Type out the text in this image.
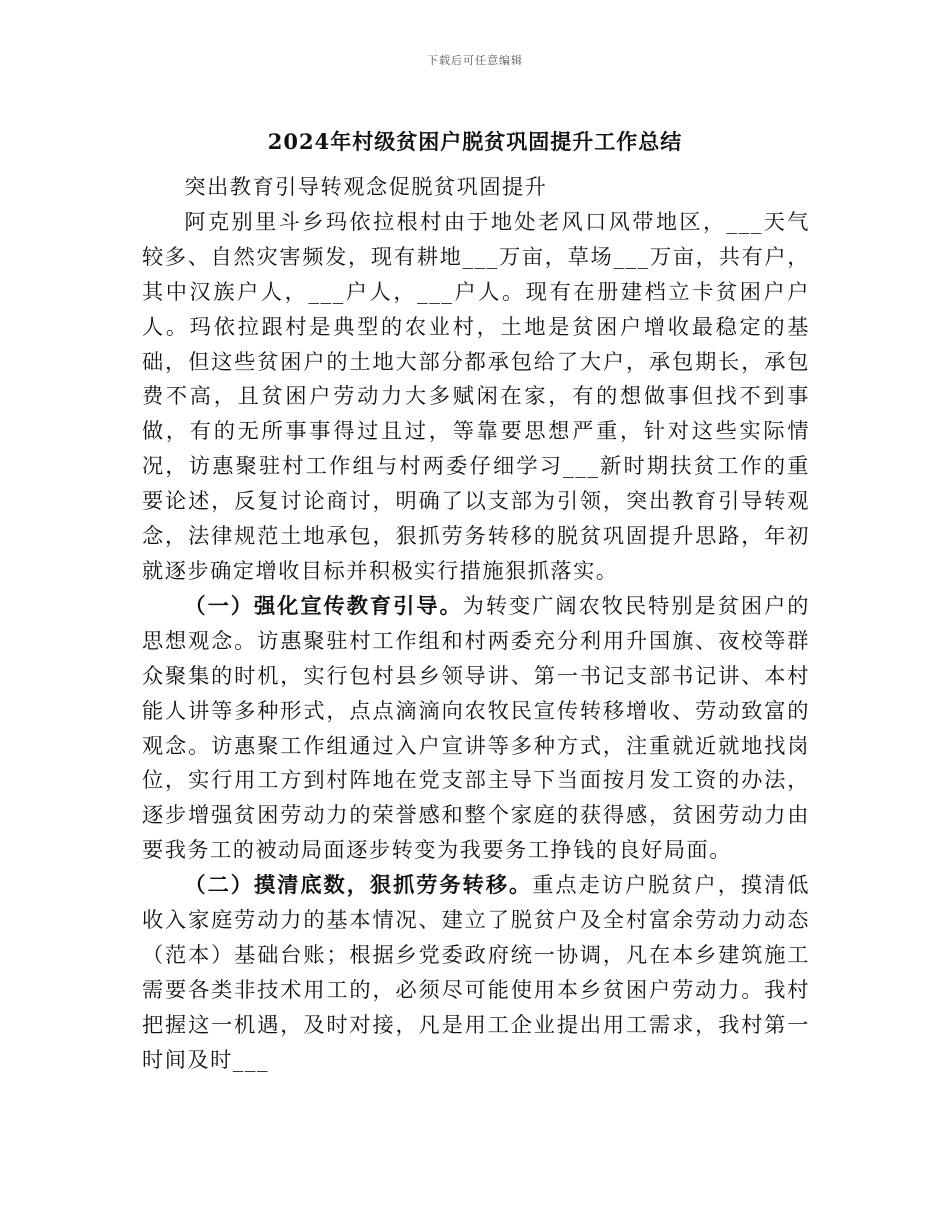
下载后可任意编辑
2024年村级贫困户脱贫巩固提升工作总结

突出教育引导转观念促脱贫巩固提升

阿克别里斗乡玛依拉根村由于地处老风口风带地区，___天气较多、自然灾害频发，现有耕地___万亩，草场___万亩，共有户，其中汉族户人，___户人，___户人。现有在册建档立卡贫困户户人。玛依拉跟村是典型的农业村，土地是贫困户增收最稳定的基础，但这些贫困户的土地大部分都承包给了大户，承包期长，承包费不高，且贫困户劳动力大多赋闲在家，有的想做事但找不到事做，有的无所事事得过且过，等靠要思想严重，针对这些实际情况，访惠聚驻村工作组与村两委仔细学习___新时期扶贫工作的重要论述，反复讨论商讨，明确了以支部为引领，突出教育引导转观念，法律规范土地承包，狠抓劳务转移的脱贫巩固提升思路，年初就逐步确定增收目标并积极实行措施狠抓落实。

（一）强化宣传教育引导。为转变广阔农牧民特别是贫困户的思想观念。访惠聚驻村工作组和村两委充分利用升国旗、夜校等群众聚集的时机，实行包村县乡领导讲、第一书记支部书记讲、本村能人讲等多种形式，点点滴滴向农牧民宣传转移增收、劳动致富的观念。访惠聚工作组通过入户宣讲等多种方式，注重就近就地找岗位，实行用工方到村阵地在党支部主导下当面按月发工资的办法，逐步增强贫困劳动力的荣誉感和整个家庭的获得感，贫困劳动力由要我务工的被动局面逐步转变为我要务工挣钱的良好局面。

（二）摸清底数，狠抓劳务转移。重点走访户脱贫户，摸清低收入家庭劳动力的基本情况、建立了脱贫户及全村富余劳动力动态（范本）基础台账；根据乡党委政府统一协调，凡在本乡建筑施工需要各类非技术用工的，必须尽可能使用本乡贫困户劳动力。我村把握这一机遇，及时对接，凡是用工企业提出用工需求，我村第一时间及时___
